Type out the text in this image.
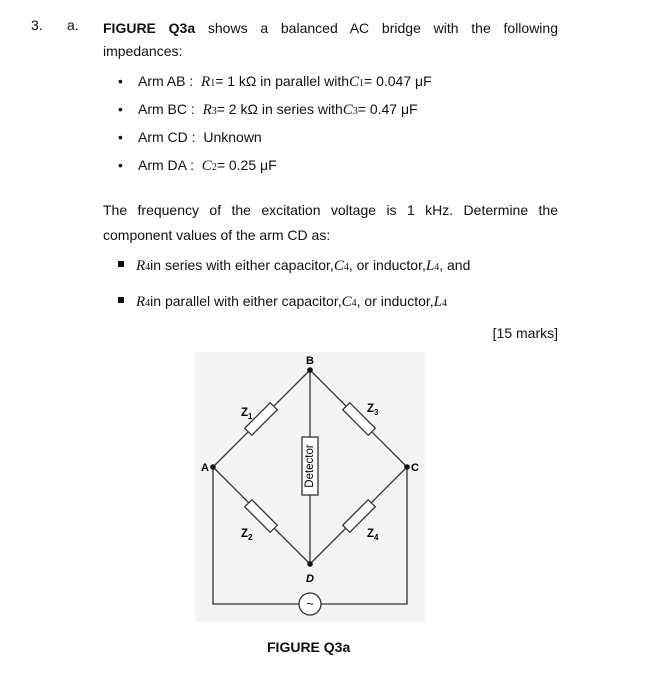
3. a. FIGURE Q3a shows a balanced AC bridge with the following
impedances:
•	Arm AB :
R 1 = 1 kΩ in parallel with C 1 = 0.047 μF
•	Arm BC :
R 3 = 2 kΩ in series with C 3 = 0.47 μF
•	Arm CD :
Unknown
•	Arm DA :
C 2 = 0.25 μF
The frequency of the excitation voltage is 1 kHz. Determine the
component values of the arm CD as:
R 4 in series with either capacitor, C 4 , or inductor, L 4 , and
R 4 in parallel with either capacitor, C 4 , or inductor, L 4
[15 marks]
Detector
~
A
B
C
D
$Z_1$
$Z_3$
$Z_2$	$Z_4$
FIGURE Q3a
